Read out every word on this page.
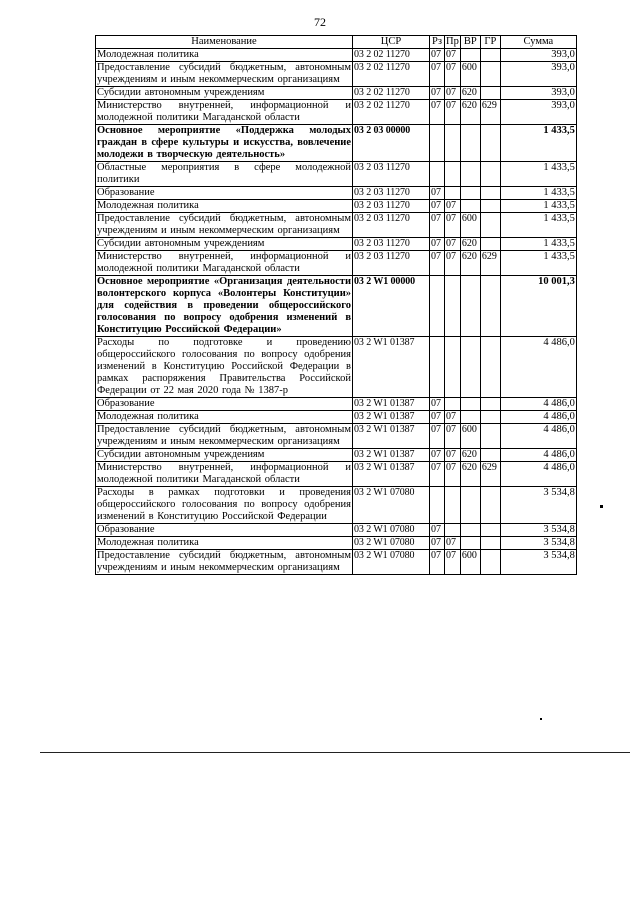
72
Наименование	ЦСР	Рз	Пр	ВР	ГР	Сумма
Молодежная политика	03 2 02 11270	07	07			393,0
Предоставление субсидий бюджетным, автономным учреждениям и иным некоммерческим организациям	03 2 02 11270	07	07	600		393,0
Субсидии автономным учреждениям	03 2 02 11270	07	07	620		393,0
Министерство внутренней, информационной и молодежной политики Магаданской области	03 2 02 11270	07	07	620	629	393,0
Основное мероприятие «Поддержка молодых граждан в сфере культуры и искусства, вовлечение молодежи в творческую деятельность»	03 2 03 00000					1 433,5
Областные мероприятия в сфере молодежной политики	03 2 03 11270					1 433,5
Образование	03 2 03 11270	07				1 433,5
Молодежная политика	03 2 03 11270	07	07			1 433,5
Предоставление субсидий бюджетным, автономным учреждениям и иным некоммерческим организациям	03 2 03 11270	07	07	600		1 433,5
Субсидии автономным учреждениям	03 2 03 11270	07	07	620		1 433,5
Министерство внутренней, информационной и молодежной политики Магаданской области	03 2 03 11270	07	07	620	629	1 433,5
Основное мероприятие «Организация деятельности волонтерского корпуса «Волонтеры Конституции» для содействия в проведении общероссийского голосования по вопросу одобрения изменений в Конституцию Российской Федерации»	03 2 W1 00000					10 001,3
Расходы по подготовке и проведению общероссийского голосования по вопросу одобрения изменений в Конституцию Российской Федерации в рамках распоряжения Правительства Российской Федерации от 22 мая 2020 года № 1387-р	03 2 W1 01387					4 486,0
Образование	03 2 W1 01387	07				4 486,0
Молодежная политика	03 2 W1 01387	07	07			4 486,0
Предоставление субсидий бюджетным, автономным учреждениям и иным некоммерческим организациям	03 2 W1 01387	07	07	600		4 486,0
Субсидии автономным учреждениям	03 2 W1 01387	07	07	620		4 486,0
Министерство внутренней, информационной и молодежной политики Магаданской области	03 2 W1 01387	07	07	620	629	4 486,0
Расходы в рамках подготовки и проведения общероссийского голосования по вопросу одобрения изменений в Конституцию Российской Федерации	03 2 W1 07080					3 534,8
Образование	03 2 W1 07080	07				3 534,8
Молодежная политика	03 2 W1 07080	07	07			3 534,8
Предоставление субсидий бюджетным, автономным учреждениям и иным некоммерческим организациям	03 2 W1 07080	07	07	600		3 534,8
